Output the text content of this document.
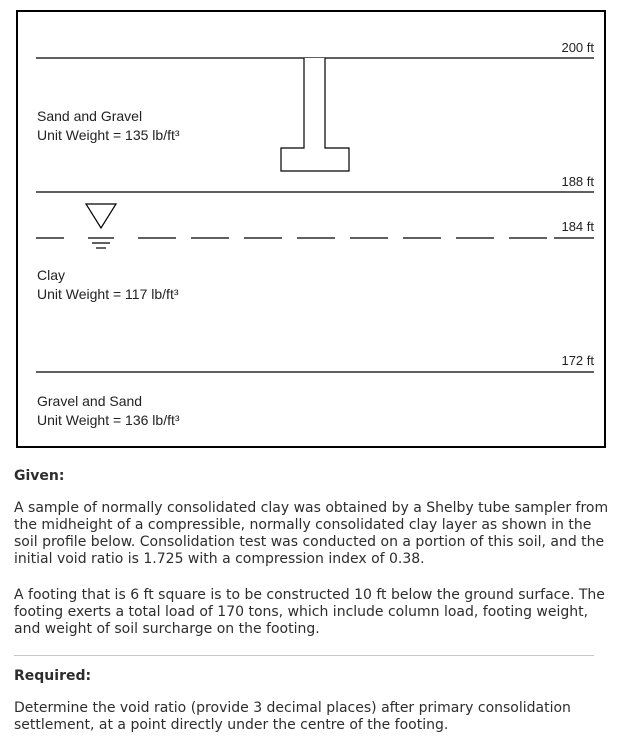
200 ft
188 ft
184 ft
172 ft
Sand and Gravel
Unit Weight = 135 lb/ft³
Clay
Unit Weight = 117 lb/ft³
Gravel and Sand
Unit Weight = 136 lb/ft³
Given:
A sample of normally consolidated clay was obtained by a Shelby tube sampler from the midheight of a compressible, normally consolidated clay layer as shown in the soil profile below. Consolidation test was conducted on a portion of this soil, and the initial void ratio is 1.725 with a compression index of 0.38.
A footing that is 6 ft square is to be constructed 10 ft below the ground surface. The footing exerts a total load of 170 tons, which include column load, footing weight, and weight of soil surcharge on the footing.
Required:
Determine the void ratio (provide 3 decimal places) after primary consolidation settlement, at a point directly under the centre of the footing.
